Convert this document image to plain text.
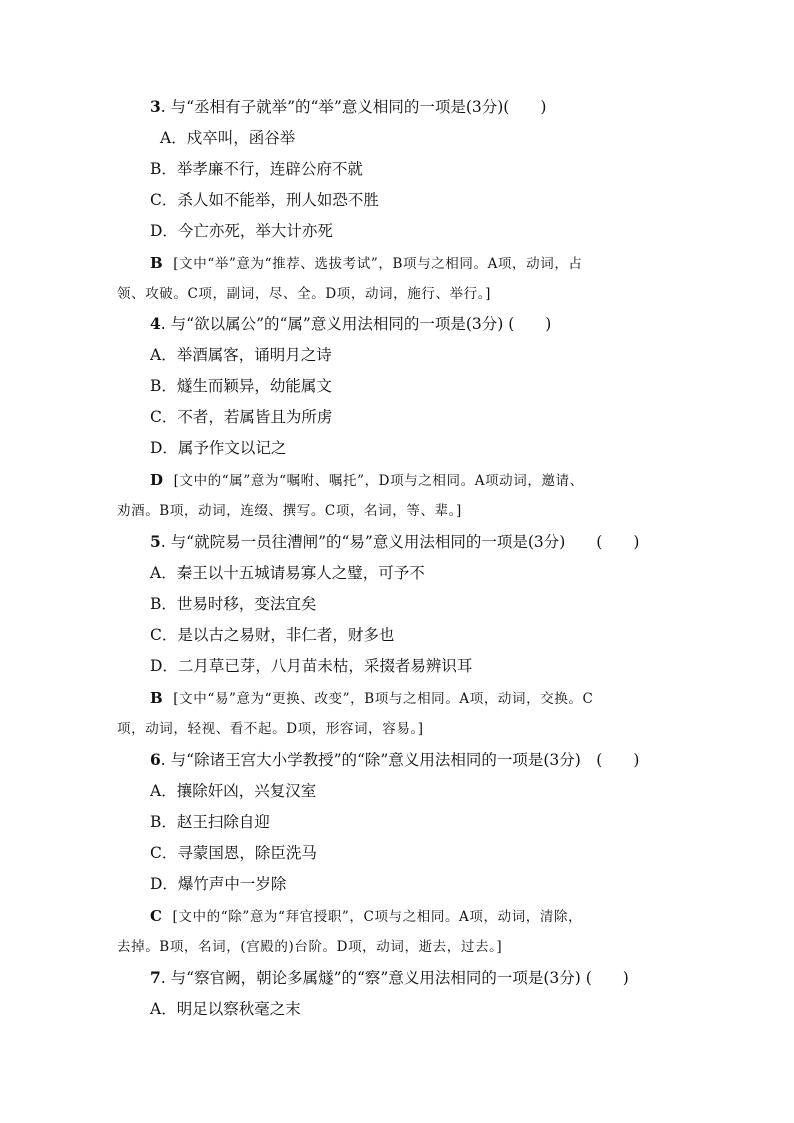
3. 与“丞相有子就举”的“举”意义相同的一项是(3分)(　　)
A．戍卒叫，函谷举
B．举孝廉不行，连辟公府不就
C．杀人如不能举，刑人如恐不胜
D．今亡亦死，举大计亦死
B [文中“举”意为“推荐、选拔考试”，B项与之相同。A项，动词，占
领、攻破。C项，副词，尽、全。D项，动词，施行、举行。]
4. 与“欲以属公”的“属”意义用法相同的一项是(3分) (　　)
A．举酒属客，诵明月之诗
B．燧生而颖异，幼能属文
C．不者，若属皆且为所虏
D．属予作文以记之
D [文中的“属”意为“嘱咐、嘱托”，D项与之相同。A项动词，邀请、
劝酒。B项，动词，连缀、撰写。C项，名词，等、辈。]
5. 与“就院易一员往漕闸”的“易”意义用法相同的一项是(3分)　　(　　)
A．秦王以十五城请易寡人之璧，可予不
B．世易时移，变法宜矣
C．是以古之易财，非仁者，财多也
D．二月草已芽，八月苗未枯，采掇者易辨识耳
B [文中“易”意为“更换、改变”，B项与之相同。A项，动词，交换。C
项，动词，轻视、看不起。D项，形容词，容易。]
6. 与“除诸王宫大小学教授”的“除”意义用法相同的一项是(3分)　(　　)
A．攘除奸凶，兴复汉室
B．赵王扫除自迎
C．寻蒙国恩，除臣洗马
D．爆竹声中一岁除
C [文中的“除”意为“拜官授职”，C项与之相同。A项，动词，清除，
去掉。B项，名词，(宫殿的)台阶。D项，动词，逝去，过去。]
7. 与“察官阙，朝论多属燧”的“察”意义用法相同的一项是(3分) (　　)
A．明足以察秋毫之末
